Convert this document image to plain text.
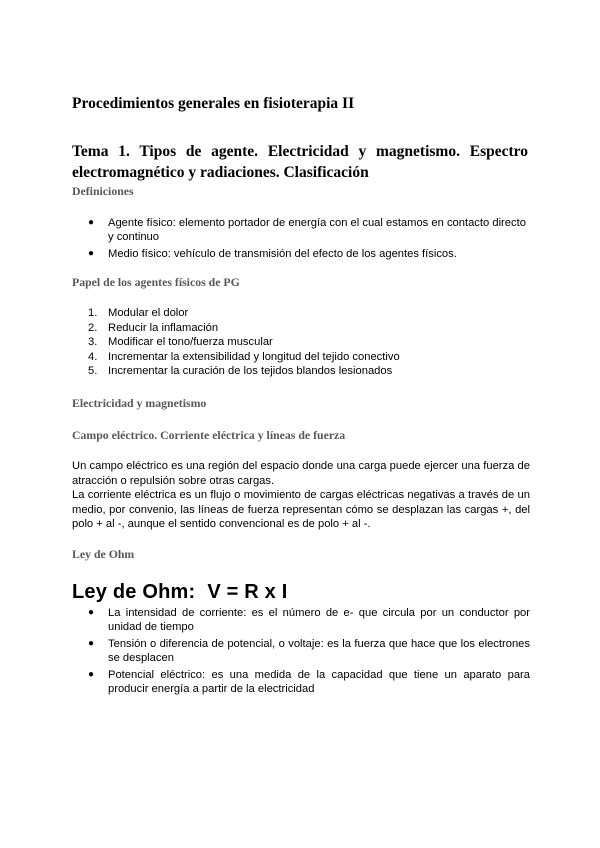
Procedimientos generales en fisioterapia II
Tema 1. Tipos de agente. Electricidad y magnetismo. Espectro
electromagnético y radiaciones. Clasificación
Definiciones
● Agente físico: elemento portador de energía con el cual estamos en contacto directo y continuo
● Medio físico: vehículo de transmisión del efecto de los agentes físicos.
Papel de los agentes físicos de PG
1. Modular el dolor
2. Reducir la inflamación
3. Modificar el tono/fuerza muscular
4. Incrementar la extensibilidad y longitud del tejido conectivo
5. Incrementar la curación de los tejidos blandos lesionados
Electricidad y magnetismo
Campo eléctrico. Corriente eléctrica y líneas de fuerza

Un campo eléctrico es una región del espacio donde una carga puede ejercer una fuerza de atracción o repulsión sobre otras cargas.

La corriente eléctrica es un flujo o movimiento de cargas eléctricas negativas a través de un medio, por convenio, las líneas de fuerza representan cómo se desplazan las cargas +, del polo + al -, aunque el sentido convencional es de polo + al -.

Ley de Ohm
Ley de Ohm: V = R x I
● La intensidad de corriente: es el número de e- que circula por un conductor por unidad de tiempo
● Tensión o diferencia de potencial, o voltaje: es la fuerza que hace que los electrones se desplacen
● Potencial eléctrico: es una medida de la capacidad que tiene un aparato para producir energía a partir de la electricidad
